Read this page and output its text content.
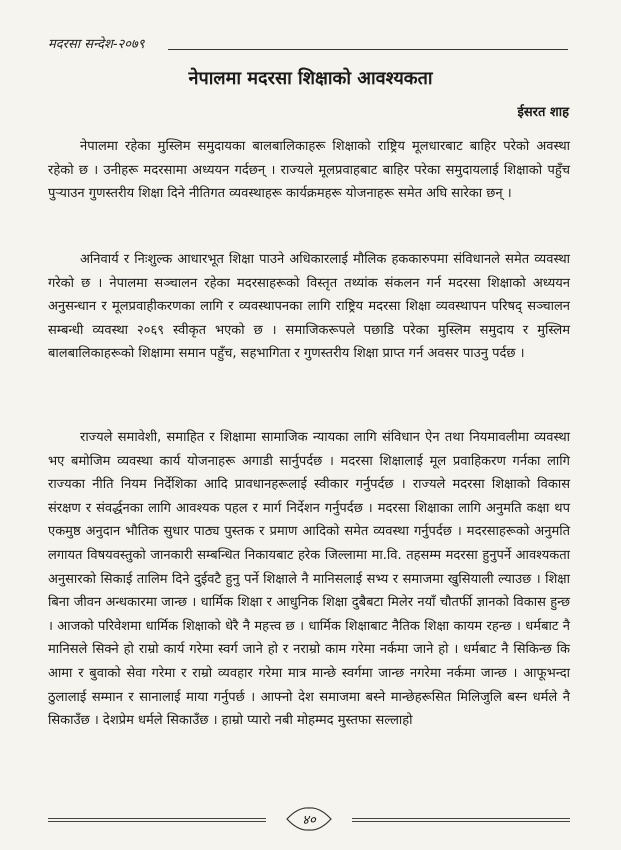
मदरसा सन्देश-२०७९
नेपालमा मदरसा शिक्षाको आवश्यकता
ईसरत शाह

नेपालमा रहेका मुस्लिम समुदायका बालबालिकाहरू शिक्षाको राष्ट्रिय मूलधारबाट बाहिर परेको अवस्था रहेको छ । उनीहरू मदरसामा अध्ययन गर्दछन् । राज्यले मूलप्रवाहबाट बाहिर परेका समुदायलाई शिक्षाको पहुँच पुऱ्याउन गुणस्तरीय शिक्षा दिने नीतिगत व्यवस्थाहरू कार्यक्रमहरू योजनाहरू समेत अघि सारेका छन् ।

अनिवार्य र निःशुल्क आधारभूत शिक्षा पाउने अधिकारलाई मौलिक हककारुपमा संविधानले समेत व्यवस्था गरेको छ । नेपालमा सञ्चालन रहेका मदरसाहरूको विस्तृत तथ्यांक संकलन गर्न मदरसा शिक्षाको अध्ययन अनुसन्धान र मूलप्रवाहीकरणका लागि र व्यवस्थापनका लागि राष्ट्रिय मदरसा शिक्षा व्यवस्थापन परिषद् सञ्चालन सम्बन्धी व्यवस्था २०६९ स्वीकृत भएको छ । समाजिकरूपले पछाडि परेका मुस्लिम समुदाय र मुस्लिम बालबालिकाहरूको शिक्षामा समान पहुँच, सहभागिता र गुणस्तरीय शिक्षा प्राप्त गर्न अवसर पाउनु पर्दछ ।

राज्यले समावेशी, समाहित र शिक्षामा सामाजिक न्यायका लागि संविधान ऐन तथा नियमावलीमा व्यवस्था भए बमोजिम व्यवस्था कार्य योजनाहरू अगाडी सार्नुपर्दछ । मदरसा शिक्षालाई मूल प्रवाहिकरण गर्नका लागि राज्यका नीति नियम निर्देशिका आदि प्रावधानहरूलाई स्वीकार गर्नुपर्दछ । राज्यले मदरसा शिक्षाको विकास संरक्षण र संवर्द्धनका लागि आवश्यक पहल र मार्ग निर्देशन गर्नुपर्दछ । मदरसा शिक्षाका लागि अनुमति कक्षा थप एकमुष्ठ अनुदान भौतिक सुधार पाठ्य पुस्तक र प्रमाण आदिको समेत व्यवस्था गर्नुपर्दछ । मदरसाहरूको अनुमति लगायत विषयवस्तुको जानकारी सम्बन्धित निकायबाट हरेक जिल्लामा मा.वि. तहसम्म मदरसा हुनुपर्ने आवश्यकता अनुसारको सिकाई तालिम दिने दुईवटै हुनु पर्ने शिक्षाले नै मानिसलाई सभ्य र समाजमा खुसियाली ल्याउछ । शिक्षा बिना जीवन अन्धकारमा जान्छ । धार्मिक शिक्षा र आधुनिक शिक्षा दुबैबटा मिलेर नयाँ चौतर्फी ज्ञानको विकास हुन्छ । आजको परिवेशमा धार्मिक शिक्षाको धेरै नै महत्त्व छ । धार्मिक शिक्षाबाट नैतिक शिक्षा कायम रहन्छ । धर्मबाट नै मानिसले सिक्ने हो राम्रो कार्य गरेमा स्वर्ग जाने हो र नराम्रो काम गरेमा नर्कमा जाने हो । धर्मबाट नै सिकिन्छ कि आमा र बुवाको सेवा गरेमा र राम्रो व्यवहार गरेमा मात्र मान्छे स्वर्गमा जान्छ नगरेमा नर्कमा जान्छ । आफूभन्दा ठुलालाई सम्मान र सानालाई माया गर्नुपर्छ । आफ्नो देश समाजमा बस्ने मान्छेहरूसित मिलिजुलि बस्न धर्मले नै सिकाउँछ । देशप्रेम धर्मले सिकाउँछ । हाम्रो प्यारो नबी मोहम्मद मुस्तफा सल्लाहो

४०
